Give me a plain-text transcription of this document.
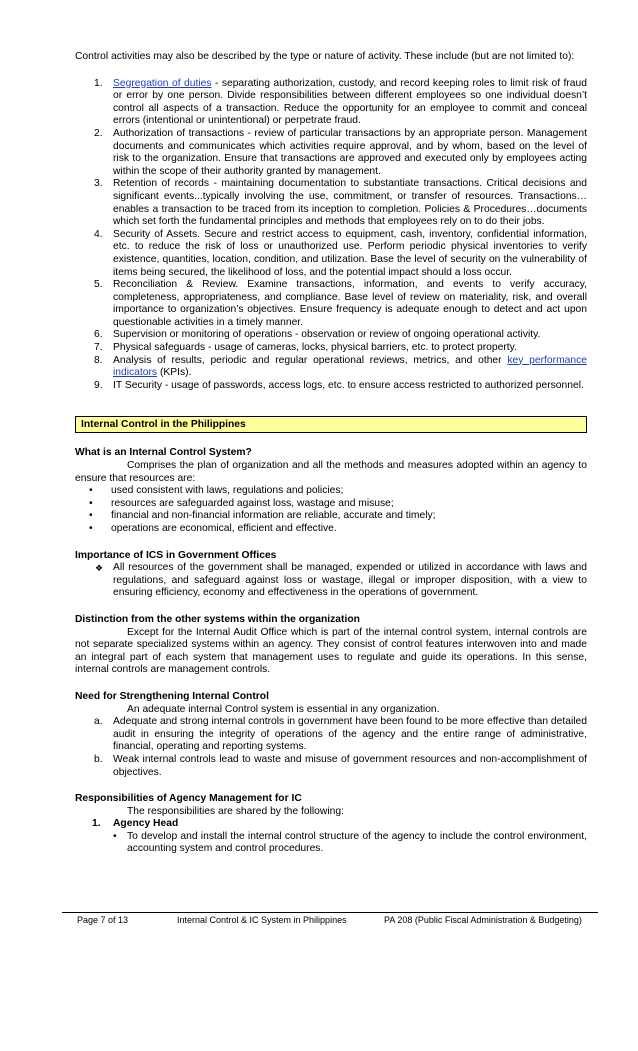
Control activities may also be described by the type or nature of activity. These include (but are not limited to):

1. Segregation of duties - separating authorization, custody, and record keeping roles to limit risk of fraud or error by one person. Divide responsibilities between different employees so one individual doesn’t control all aspects of a transaction. Reduce the opportunity for an employee to commit and conceal errors (intentional or unintentional) or perpetrate fraud.
2. Authorization of transactions - review of particular transactions by an appropriate person. Management documents and communicates which activities require approval, and by whom, based on the level of risk to the organization. Ensure that transactions are approved and executed only by employees acting within the scope of their authority granted by management.
3. Retention of records - maintaining documentation to substantiate transactions. Critical decisions and significant events...typically involving the use, commitment, or transfer of resources. Transactions…enables a transaction to be traced from its inception to completion. Policies & Procedures…documents which set forth the fundamental principles and methods that employees rely on to do their jobs.
4. Security of Assets. Secure and restrict access to equipment, cash, inventory, confidential information, etc. to reduce the risk of loss or unauthorized use. Perform periodic physical inventories to verify existence, quantities, location, condition, and utilization. Base the level of security on the vulnerability of items being secured, the likelihood of loss, and the potential impact should a loss occur.
5. Reconciliation & Review. Examine transactions, information, and events to verify accuracy, completeness, appropriateness, and compliance. Base level of review on materiality, risk, and overall importance to organization’s objectives. Ensure frequency is adequate enough to detect and act upon questionable activities in a timely manner.
6. Supervision or monitoring of operations - observation or review of ongoing operational activity.
7. Physical safeguards - usage of cameras, locks, physical barriers, etc. to protect property.
8. Analysis of results, periodic and regular operational reviews, metrics, and other key performance indicators (KPIs).
9. IT Security - usage of passwords, access logs, etc. to ensure access restricted to authorized personnel.
Internal Control in the Philippines
What is an Internal Control System?

Comprises the plan of organization and all the methods and measures adopted within an agency to ensure that resources are:

• used consistent with laws, regulations and policies;
• resources are safeguarded against loss, wastage and misuse;
• financial and non-financial information are reliable, accurate and timely;
• operations are economical, efficient and effective.
Importance of ICS in Government Offices
❖ All resources of the government shall be managed, expended or utilized in accordance with laws and regulations, and safeguard against loss or wastage, illegal or improper disposition, with a view to ensuring efficiency, economy and effectiveness in the operations of government.
Distinction from the other systems within the organization

Except for the Internal Audit Office which is part of the internal control system, internal controls are not separate specialized systems within an agency. They consist of control features interwoven into and made an integral part of each system that management uses to regulate and guide its operations. In this sense, internal controls are management controls.

Need for Strengthening Internal Control

An adequate internal Control system is essential in any organization.

a. Adequate and strong internal controls in government have been found to be more effective than detailed audit in ensuring the integrity of operations of the agency and the entire range of administrative, financial, operating and reporting systems.
b. Weak internal controls lead to waste and misuse of government resources and non-accomplishment of objectives.
Responsibilities of Agency Management for IC

The responsibilities are shared by the following:

1. Agency Head
• To develop and install the internal control structure of the agency to include the control environment, accounting system and control procedures.
Page 7 of 13	Internal Control & IC System in Philippines	PA 208 (Public Fiscal Administration & Budgeting)
